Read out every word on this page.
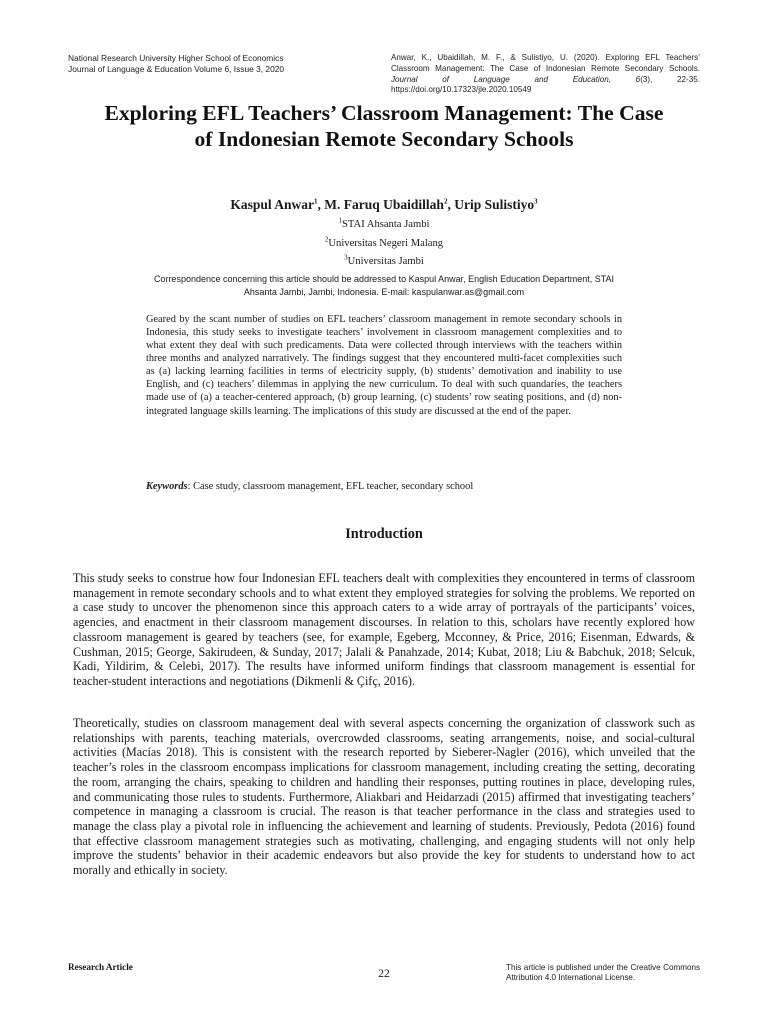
National Research University Higher School of Economics
Journal of Language & Education Volume 6, Issue 3, 2020
Anwar, K., Ubaidillah, M. F., & Sulistiyo, U. (2020). Exploring EFL Teachers’ Classroom Management: The Case of Indonesian Remote Secondary Schools. Journal of Language and Education, 6(3), 22-35. https://doi.org/10.17323/jle.2020.10549
Exploring EFL Teachers’ Classroom Management: The Case of Indonesian Remote Secondary Schools
Kaspul Anwar$^1$, M. Faruq Ubaidillah$^2$, Urip Sulistiyo$^3$
$^1$STAI Ahsanta Jambi
$^2$Universitas Negeri Malang
$^3$Universitas Jambi
Correspondence concerning this article should be addressed to Kaspul Anwar, English Education Department, STAI Ahsanta Jambi, Jambi, Indonesia. E-mail: kaspulanwar.as@gmail.com

Geared by the scant number of studies on EFL teachers’ classroom management in remote secondary schools in Indonesia, this study seeks to investigate teachers’ involvement in classroom management complexities and to what extent they deal with such predicaments. Data were collected through interviews with the teachers within three months and analyzed narratively. The findings suggest that they encountered multi-facet complexities such as (a) lacking learning facilities in terms of electricity supply, (b) students’ demotivation and inability to use English, and (c) teachers’ dilemmas in applying the new curriculum. To deal with such quandaries, the teachers made use of (a) a teacher-centered approach, (b) group learning, (c) students’ row seating positions, and (d) non-integrated language skills learning. The implications of this study are discussed at the end of the paper.

Keywords: Case study, classroom management, EFL teacher, secondary school

Introduction

This study seeks to construe how four Indonesian EFL teachers dealt with complexities they encountered in terms of classroom management in remote secondary schools and to what extent they employed strategies for solving the problems. We reported on a case study to uncover the phenomenon since this approach caters to a wide array of portrayals of the participants’ voices, agencies, and enactment in their classroom management discourses. In relation to this, scholars have recently explored how classroom management is geared by teachers (see, for example, Egeberg, Mcconney, & Price, 2016; Eisenman, Edwards, & Cushman, 2015; George, Sakirudeen, & Sunday, 2017; Jalali & Panahzade, 2014; Kubat, 2018; Liu & Babchuk, 2018; Selcuk, Kadi, Yildirim, & Celebi, 2017). The results have informed uniform findings that classroom management is essential for teacher-student interactions and negotiations (Dikmenli & Çifç, 2016).

Theoretically, studies on classroom management deal with several aspects concerning the organization of classwork such as relationships with parents, teaching materials, overcrowded classrooms, seating arrangements, noise, and social-cultural activities (Macías 2018). This is consistent with the research reported by Sieberer-Nagler (2016), which unveiled that the teacher’s roles in the classroom encompass implications for classroom management, including creating the setting, decorating the room, arranging the chairs, speaking to children and handling their responses, putting routines in place, developing rules, and communicating those rules to students. Furthermore, Aliakbari and Heidarzadi (2015) affirmed that investigating teachers’ competence in managing a classroom is crucial. The reason is that teacher performance in the class and strategies used to manage the class play a pivotal role in influencing the achievement and learning of students. Previously, Pedota (2016) found that effective classroom management strategies such as motivating, challenging, and engaging students will not only help improve the students’ behavior in their academic endeavors but also provide the key for students to understand how to act morally and ethically in society.

Research Article
22
This article is published under the Creative Commons Attribution 4.0 International License.
